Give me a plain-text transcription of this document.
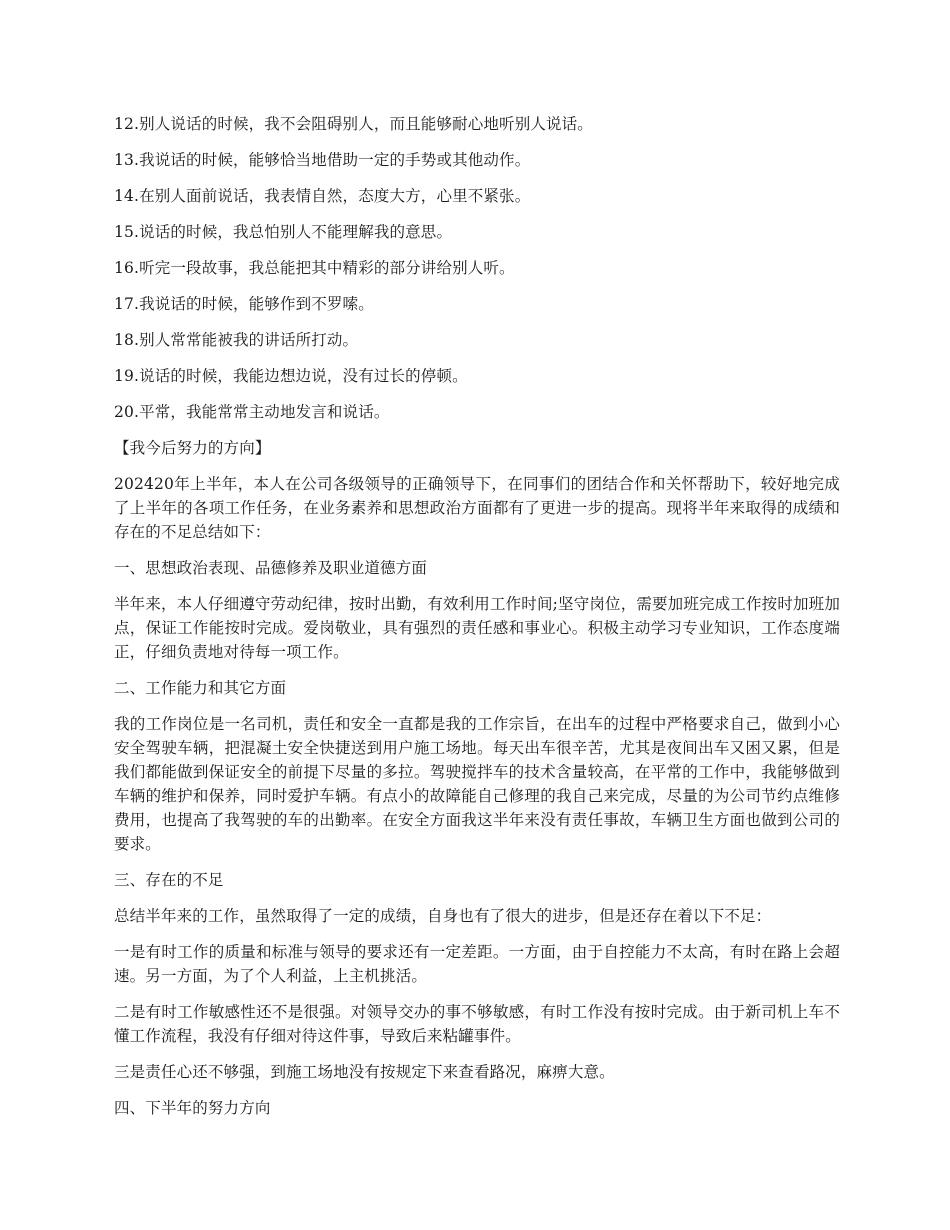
12.别人说话的时候，我不会阻碍别人，而且能够耐心地听别人说话。

13.我说话的时候，能够恰当地借助一定的手势或其他动作。

14.在别人面前说话，我表情自然，态度大方，心里不紧张。

15.说话的时候，我总怕别人不能理解我的意思。

16.听完一段故事，我总能把其中精彩的部分讲给别人听。

17.我说话的时候，能够作到不罗嗦。

18.别人常常能被我的讲话所打动。

19.说话的时候，我能边想边说，没有过长的停顿。

20.平常，我能常常主动地发言和说话。

【我今后努力的方向】

202420年上半年，本人在公司各级领导的正确领导下，在同事们的团结合作和关怀帮助下，较好地完成了上半年的各项工作任务，在业务素养和思想政治方面都有了更进一步的提高。现将半年来取得的成绩和存在的不足总结如下：

一、思想政治表现、品德修养及职业道德方面

半年来，本人仔细遵守劳动纪律，按时出勤，有效利用工作时间;坚守岗位，需要加班完成工作按时加班加点，保证工作能按时完成。爱岗敬业，具有强烈的责任感和事业心。积极主动学习专业知识，工作态度端正，仔细负责地对待每一项工作。

二、工作能力和其它方面

我的工作岗位是一名司机，责任和安全一直都是我的工作宗旨，在出车的过程中严格要求自己，做到小心安全驾驶车辆，把混凝土安全快捷送到用户施工场地。每天出车很辛苦，尤其是夜间出车又困又累，但是我们都能做到保证安全的前提下尽量的多拉。驾驶搅拌车的技术含量较高，在平常的工作中，我能够做到车辆的维护和保养，同时爱护车辆。有点小的故障能自己修理的我自己来完成，尽量的为公司节约点维修费用，也提高了我驾驶的车的出勤率。在安全方面我这半年来没有责任事故，车辆卫生方面也做到公司的要求。

三、存在的不足

总结半年来的工作，虽然取得了一定的成绩，自身也有了很大的进步，但是还存在着以下不足：

一是有时工作的质量和标准与领导的要求还有一定差距。一方面，由于自控能力不太高，有时在路上会超速。另一方面，为了个人利益，上主机挑活。

二是有时工作敏感性还不是很强。对领导交办的事不够敏感，有时工作没有按时完成。由于新司机上车不懂工作流程，我没有仔细对待这件事，导致后来粘罐事件。

三是责任心还不够强，到施工场地没有按规定下来查看路况，麻痹大意。

四、下半年的努力方向
